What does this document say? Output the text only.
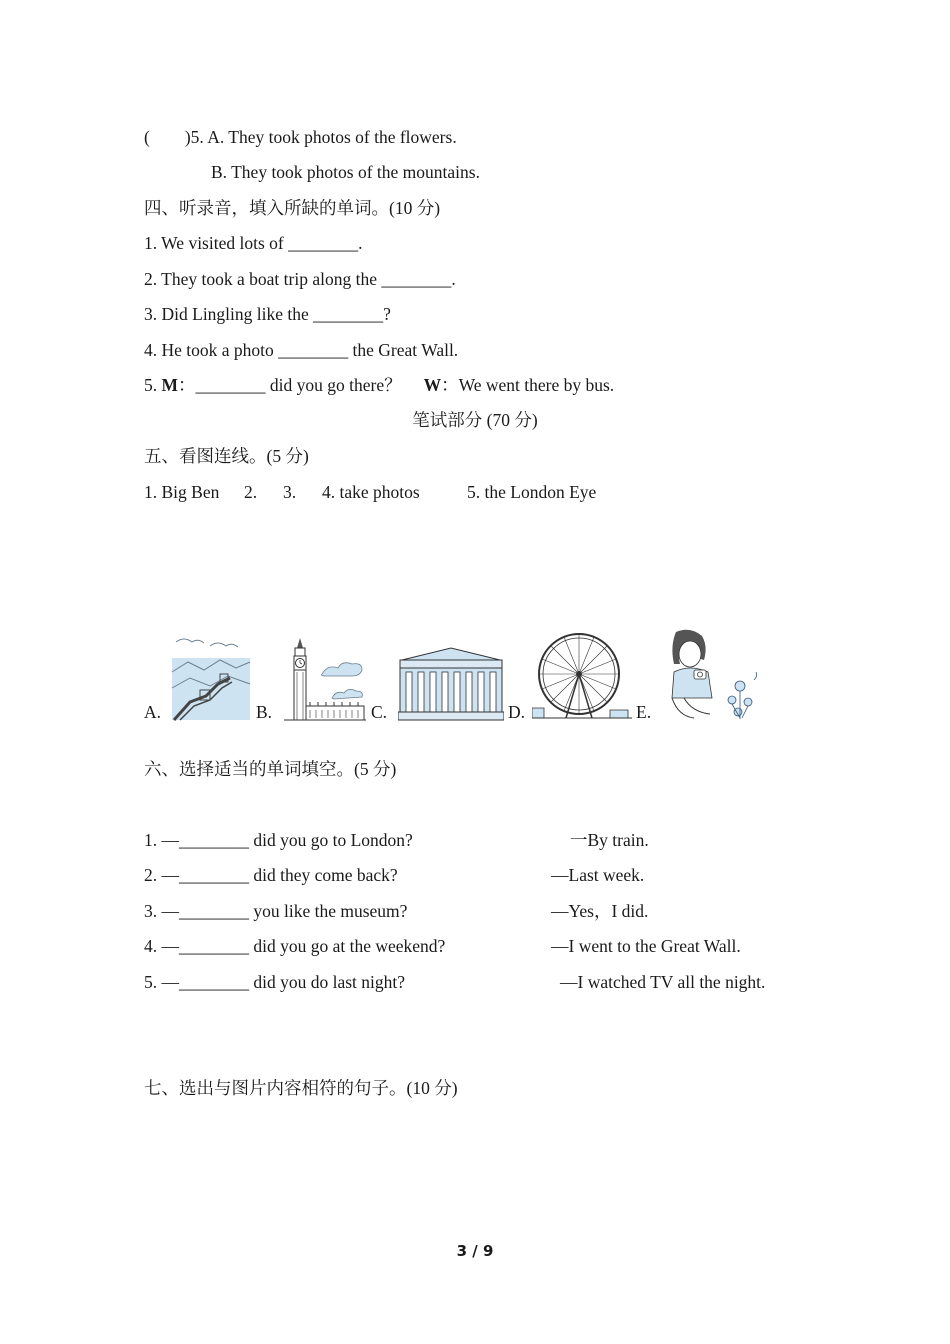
(        )5. A. They took photos of the flowers.
B. They took photos of the mountains.
四、听录音，填入所缺的单词。(10 分)
1. We visited lots of ________.
2. They took a boat trip along the ________.
3. Did Lingling like the ________?
4. He took a photo ________ the Great Wall.
5. M：________ did you go there？ W：We went there by bus.
笔试部分 (70 分)
五、看图连线。(5 分)
1. Big Ben 2. 3. 4. take photos	5. the London Eye
A.	B.	C.	D.	E.
六、选择适当的单词填空。(5 分)
1. —________ did you go to London?	一By train.
2. —________ did they come back?	—Last week.
3. —________ you like the museum?	—Yes，I did.
4. —________ did you go at the weekend?	—I went to the Great Wall.
5. —________ did you do last night?	—I watched TV all the night.
七、选出与图片内容相符的句子。(10 分)
3 / 9
